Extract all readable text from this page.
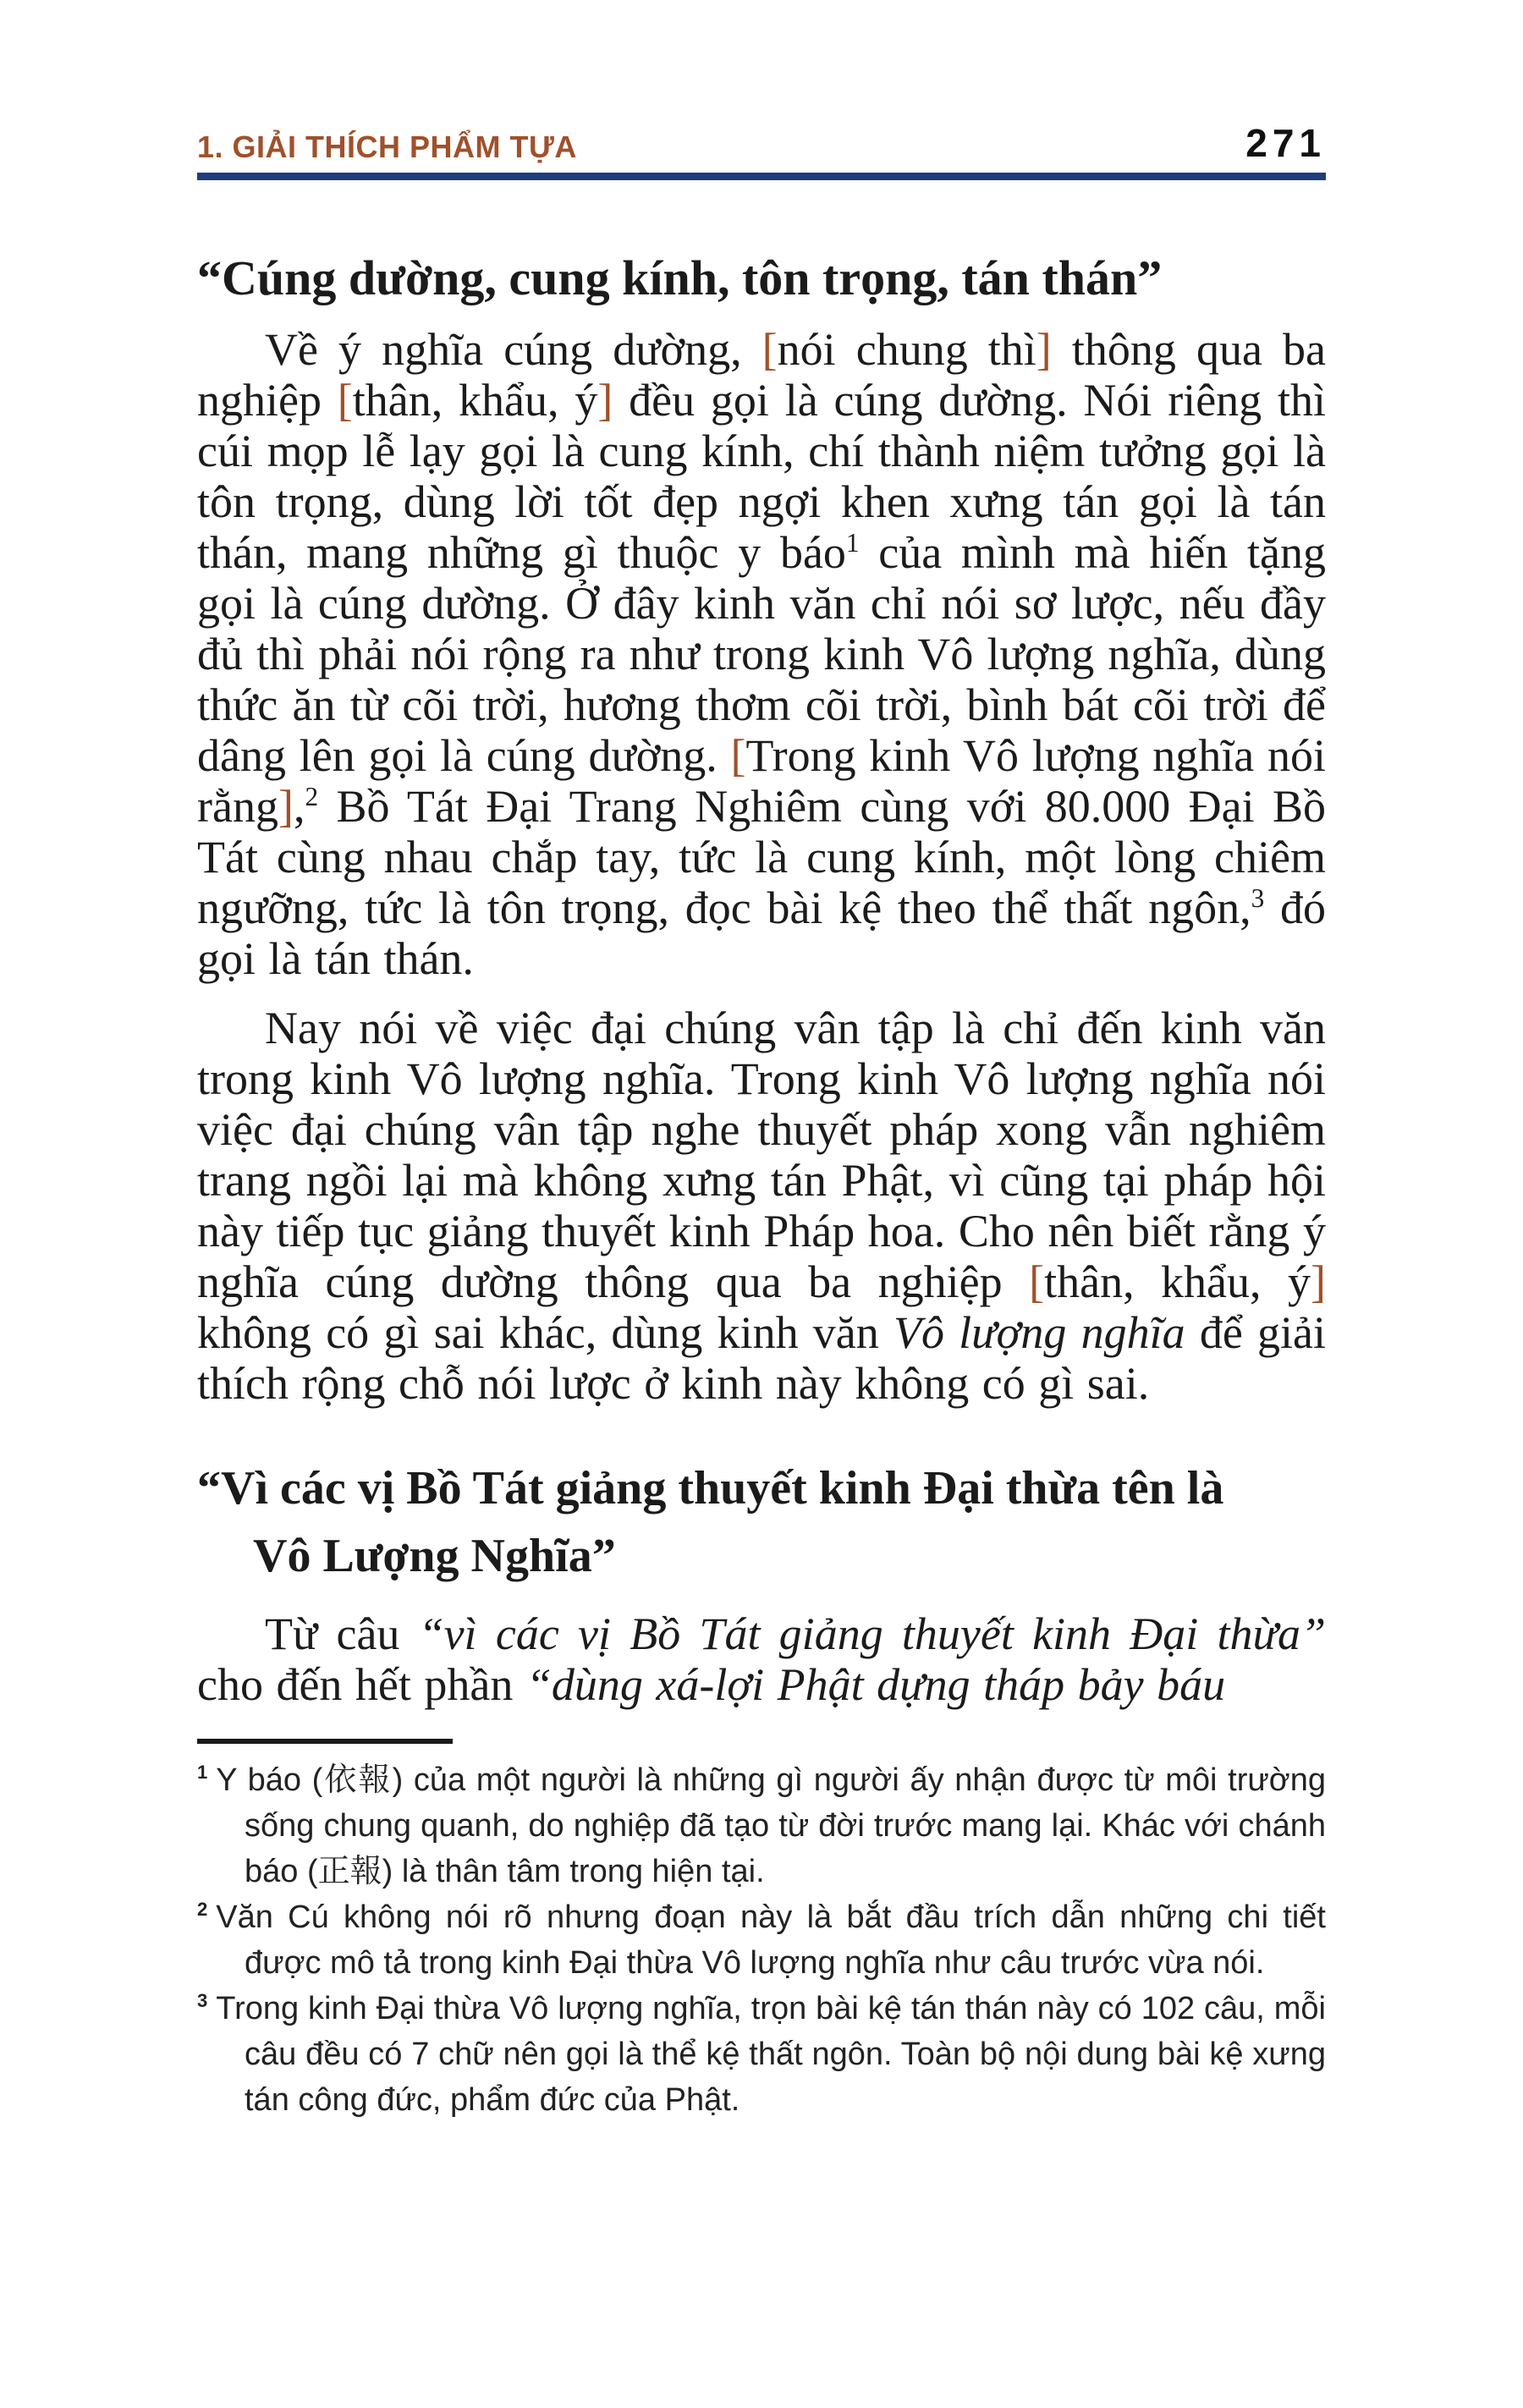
1. GIẢI THÍCH PHẨM TỰA	271
“Cúng dường, cung kính, tôn trọng, tán thán”

Về ý nghĩa cúng dường, [nói chung thì] thông qua ba nghiệp [thân, khẩu, ý] đều gọi là cúng dường. Nói riêng thì cúi mọp lễ lạy gọi là cung kính, chí thành niệm tưởng gọi là tôn trọng, dùng lời tốt đẹp ngợi khen xưng tán gọi là tán thán, mang những gì thuộc y báo$^1$ của mình mà hiến tặng gọi là cúng dường. Ở đây kinh văn chỉ nói sơ lược, nếu đầy đủ thì phải nói rộng ra như trong kinh Vô lượng nghĩa, dùng thức ăn từ cõi trời, hương thơm cõi trời, bình bát cõi trời để dâng lên gọi là cúng dường. [Trong kinh Vô lượng nghĩa nói rằng],$^2$ Bồ Tát Đại Trang Nghiêm cùng với 80.000 Đại Bồ Tát cùng nhau chắp tay, tức là cung kính, một lòng chiêm ngưỡng, tức là tôn trọng, đọc bài kệ theo thể thất ngôn,$^3$ đó gọi là tán thán.

Nay nói về việc đại chúng vân tập là chỉ đến kinh văn trong kinh Vô lượng nghĩa. Trong kinh Vô lượng nghĩa nói việc đại chúng vân tập nghe thuyết pháp xong vẫn nghiêm trang ngồi lại mà không xưng tán Phật, vì cũng tại pháp hội này tiếp tục giảng thuyết kinh Pháp hoa. Cho nên biết rằng ý nghĩa cúng dường thông qua ba nghiệp [thân, khẩu, ý] không có gì sai khác, dùng kinh văn Vô lượng nghĩa để giải thích rộng chỗ nói lược ở kinh này không có gì sai.

“Vì các vị Bồ Tát giảng thuyết kinh Đại thừa tên là
Vô Lượng Nghĩa”

Từ câu “vì các vị Bồ Tát giảng thuyết kinh Đại thừa” cho đến hết phần “dùng xá-lợi Phật dựng tháp bảy báu

$^1$ Y báo (依報) của một người là những gì người ấy nhận được từ môi trường sống chung quanh, do nghiệp đã tạo từ đời trước mang lại. Khác với chánh báo (正報) là thân tâm trong hiện tại.
$^2$ Văn Cú không nói rõ nhưng đoạn này là bắt đầu trích dẫn những chi tiết được mô tả trong kinh Đại thừa Vô lượng nghĩa như câu trước vừa nói.
$^3$ Trong kinh Đại thừa Vô lượng nghĩa, trọn bài kệ tán thán này có 102 câu, mỗi câu đều có 7 chữ nên gọi là thể kệ thất ngôn. Toàn bộ nội dung bài kệ xưng tán công đức, phẩm đức của Phật.
